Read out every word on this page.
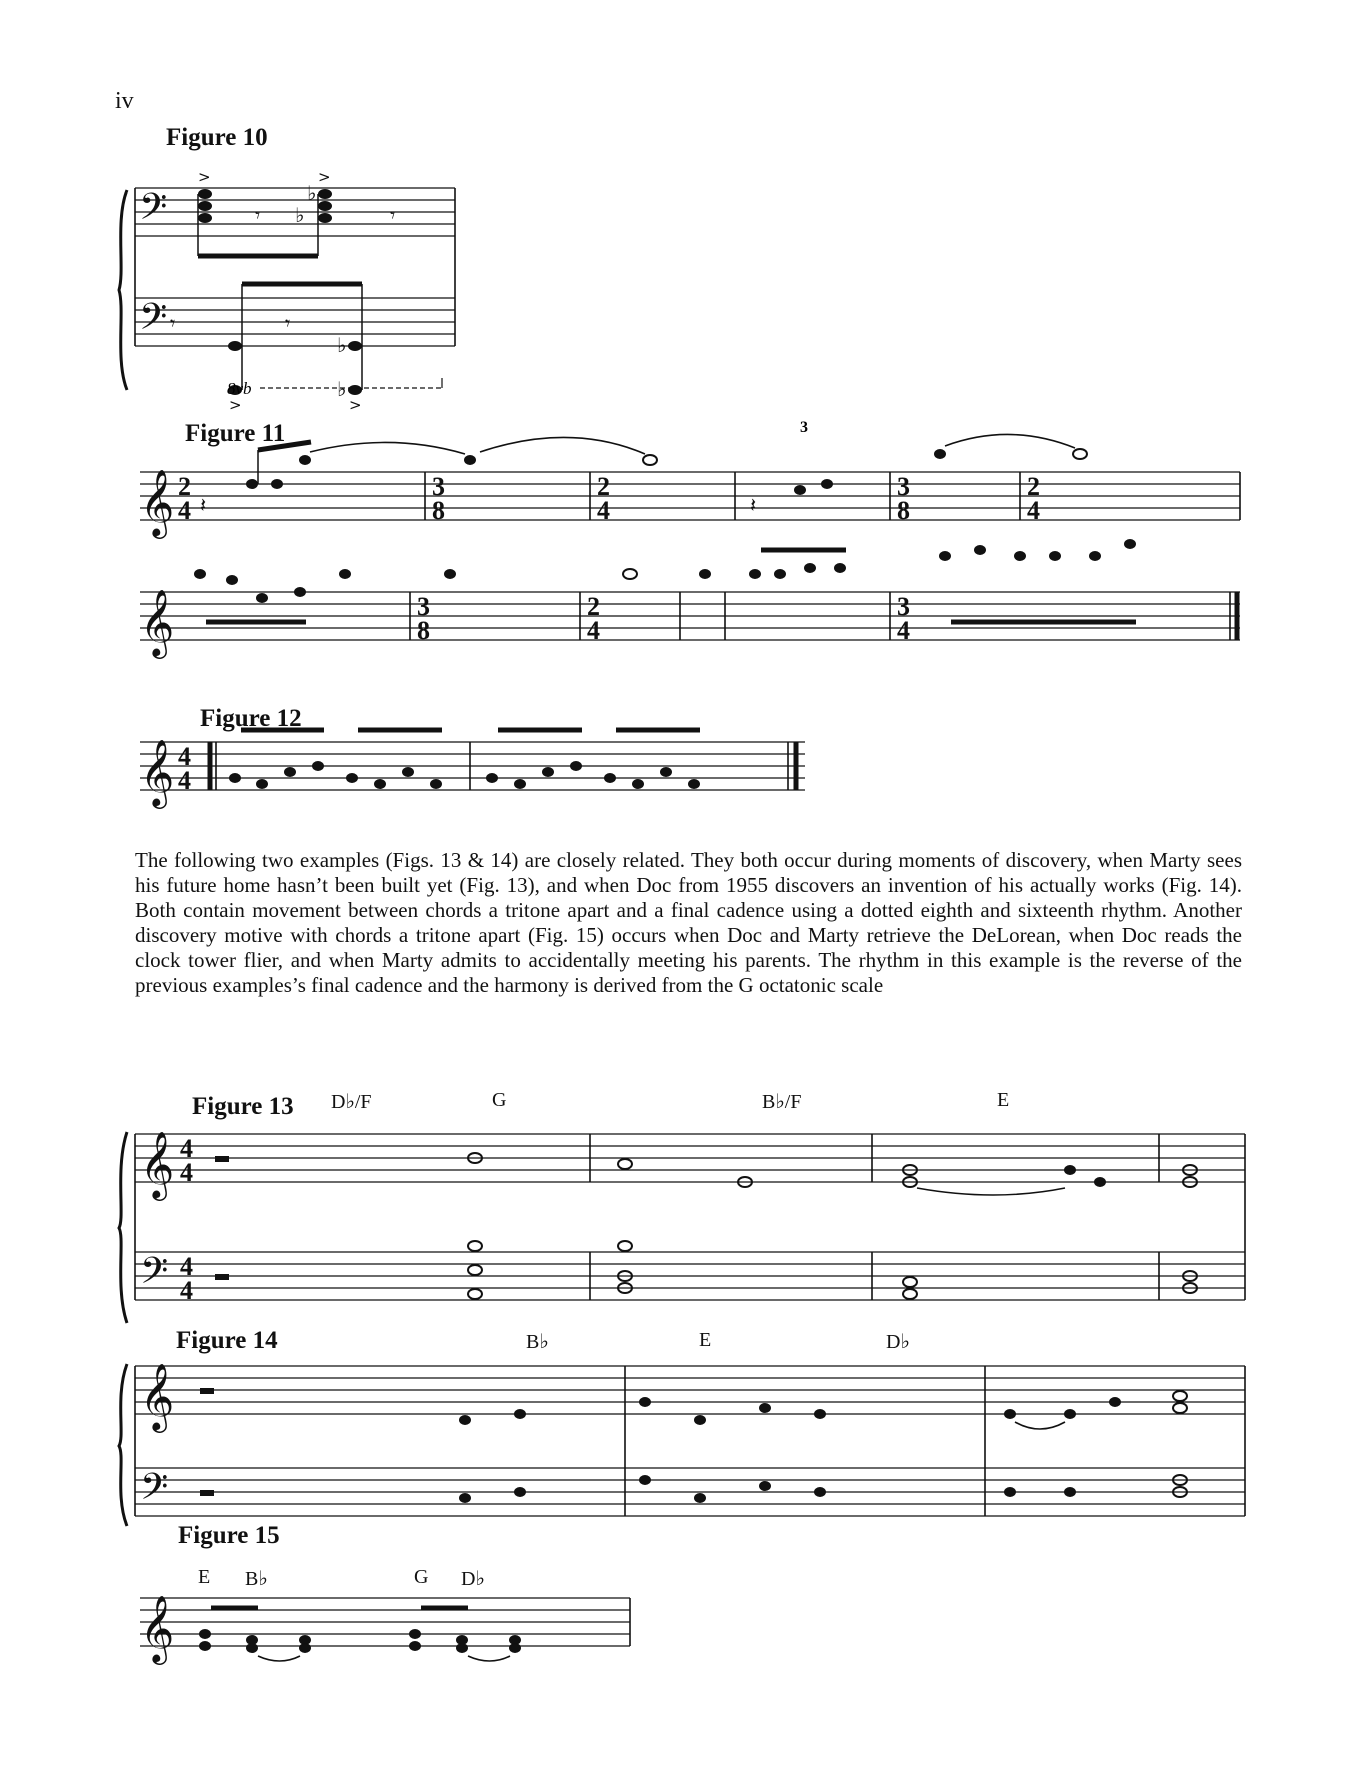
iv
Figure 10
Figure 11
Figure 12
Figure 13
Figure 14
Figure 15
D♭/F	G	B♭/F	E
B♭	E	D♭
E B♭	G D♭
The following two examples (Figs. 13 & 14) are closely related. They both occur during moments of discovery, when Marty sees his future home hasn’t been built yet (Fig. 13), and when Doc from 1955 discovers an invention of his actually works (Fig. 14). Both contain movement between chords a tritone apart and a final cadence using a dotted eighth and sixteenth rhythm. Another discovery motive with chords a tritone apart (Fig. 15) occurs when Doc and Marty retrieve the DeLorean, when Doc reads the clock tower flier, and when Marty admits to accidentally meeting his parents. The rhythm in this example is the reverse of the previous examples’s final cadence and the harmony is derived from the G octatonic scale
𝄢
𝄢
>
𝄾
♭
♭
>
𝄾
𝄾	𝄾
♭
♭
>	>
8vb
𝄞 2
4 𝄽
3
8
2
4	𝄽
3
3
8
2
4
𝄞	3
8
2
4
3
4
𝄞 4
4
𝄞
𝄢
4
4
4
4
𝄞
𝄢
𝄞
